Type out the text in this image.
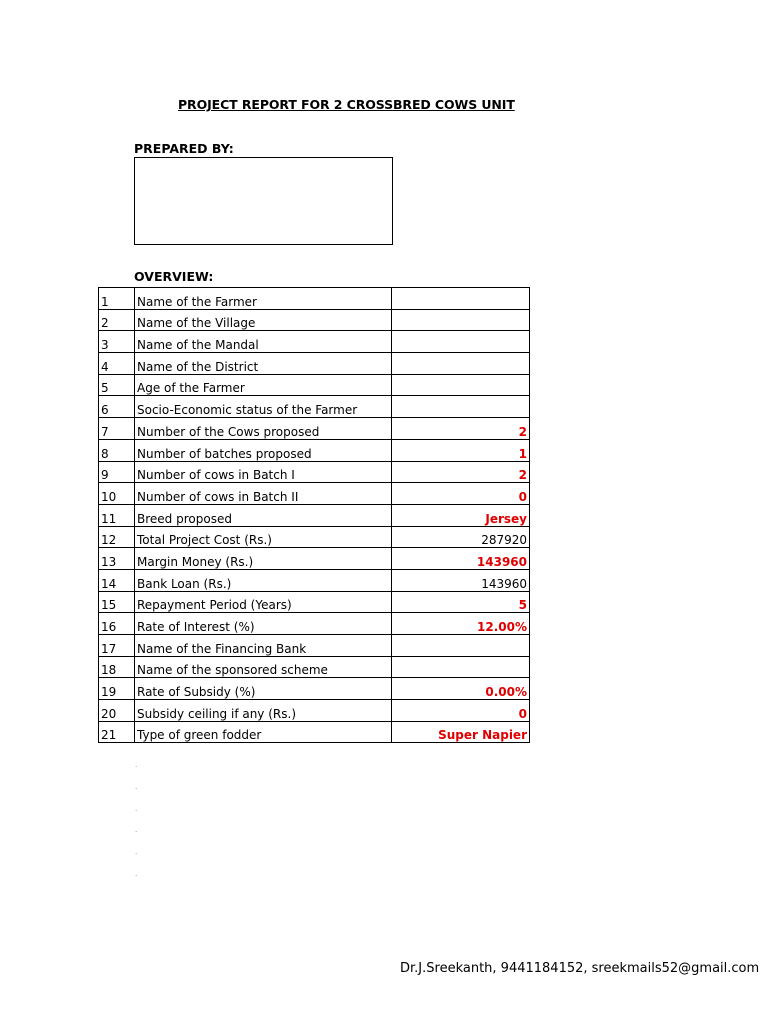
PROJECT REPORT FOR 2 CROSSBRED COWS UNIT
PREPARED BY:
OVERVIEW:
1	Name of the Farmer	
2	Name of the Village	
3	Name of the Mandal	
4	Name of the District	
5	Age of the Farmer	
6	Socio-Economic status of the Farmer	
7	Number of the Cows proposed	2
8	Number of batches proposed	1
9	Number of cows in Batch I	2
10	Number of cows in Batch II	0
11	Breed proposed	Jersey
12	Total Project Cost (Rs.)	287920
13	Margin Money (Rs.)	143960
14	Bank Loan (Rs.)	143960
15	Repayment Period (Years)	5
16	Rate of Interest (%)	12.00%
17	Name of the Financing Bank	
18	Name of the sponsored scheme	
19	Rate of Subsidy (%)	0.00%
20	Subsidy ceiling if any (Rs.)	0
21	Type of green fodder	Super Napier
·
·
·
·
·
·
Dr.J.Sreekanth, 9441184152, sreekmails52@gmail.com
